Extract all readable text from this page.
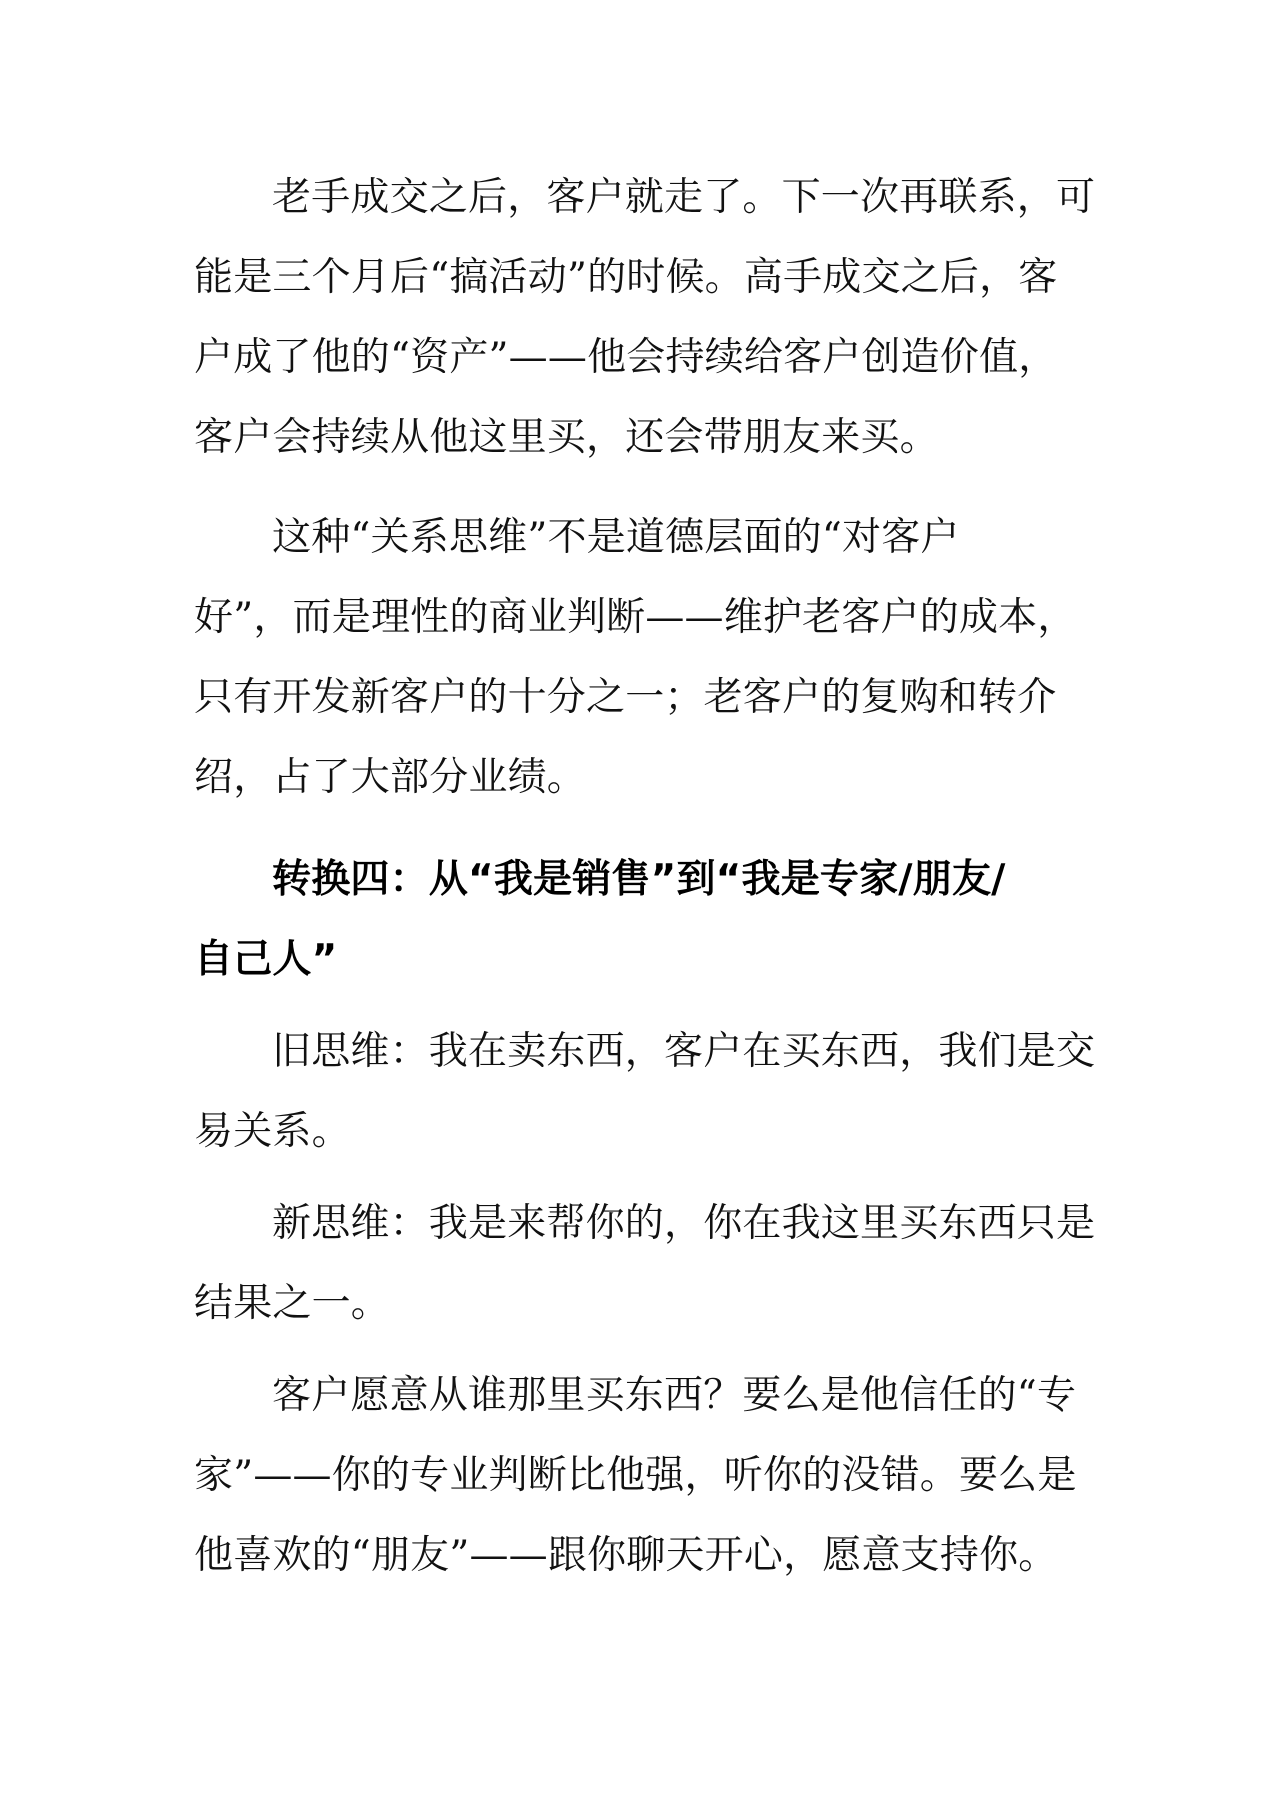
老手成交之后，客户就走了。下一次再联系，可
能是三个月后“搞活动”的时候。高手成交之后，客
户成了他的“资产”——他会持续给客户创造价值，
客户会持续从他这里买，还会带朋友来买。
这种“关系思维”不是道德层面的“对客户
好”，而是理性的商业判断——维护老客户的成本，
只有开发新客户的十分之一；老客户的复购和转介
绍，占了大部分业绩。
转换四：从“我是销售”到“我是专家/朋友/
自己人”
旧思维：我在卖东西，客户在买东西，我们是交
易关系。
新思维：我是来帮你的，你在我这里买东西只是
结果之一。
客户愿意从谁那里买东西？要么是他信任的“专
家”——你的专业判断比他强，听你的没错。要么是
他喜欢的“朋友”——跟你聊天开心，愿意支持你。
